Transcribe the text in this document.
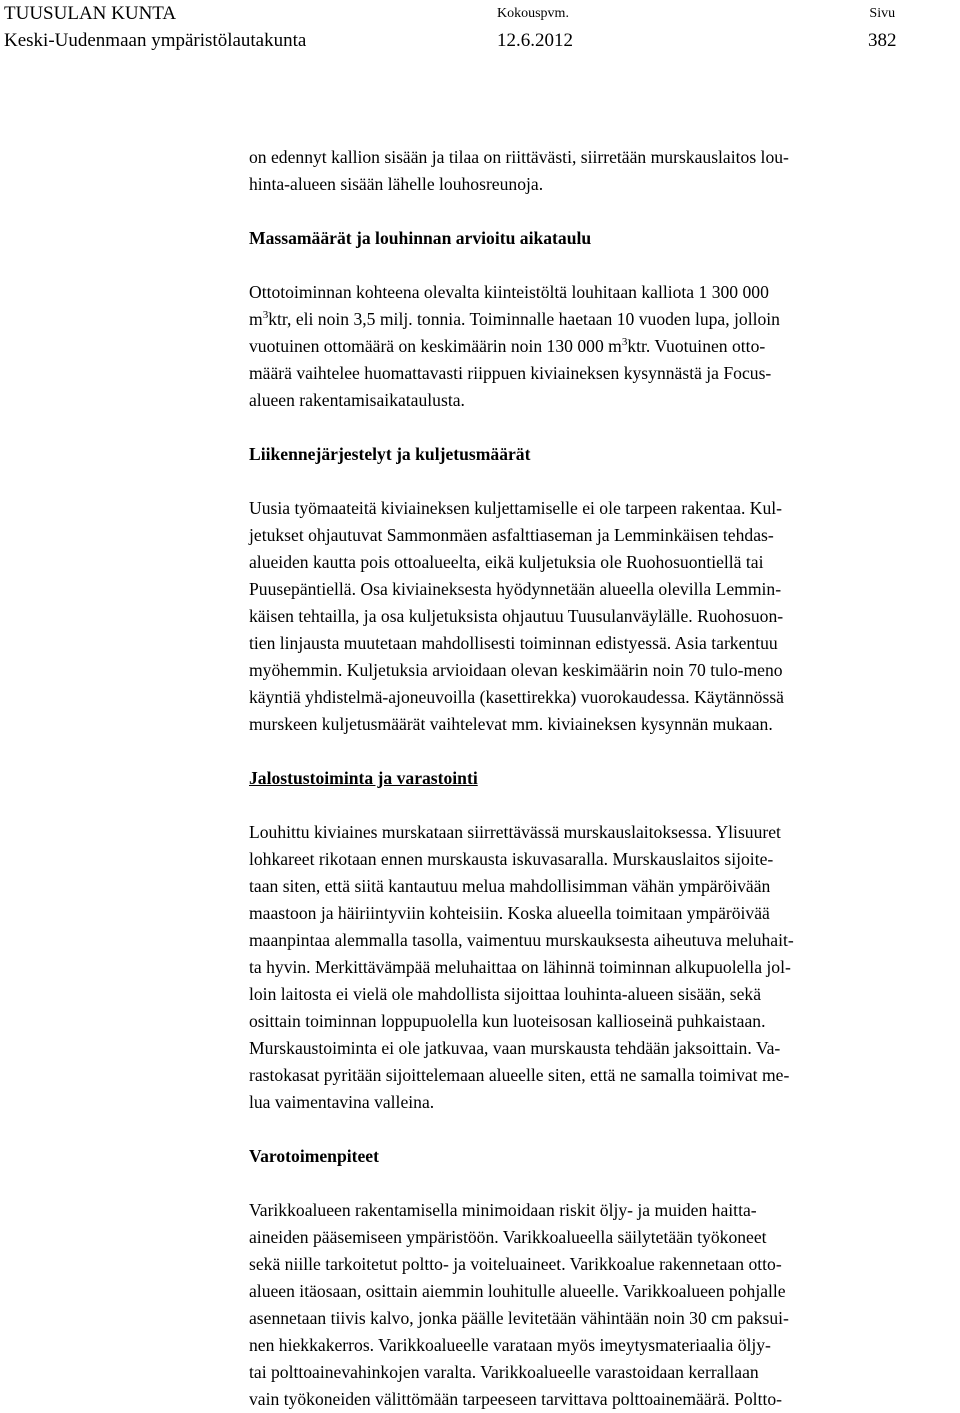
TUUSULAN KUNTA
Keski-Uudenmaan ympäristölautakunta
Kokouspvm.
12.6.2012
Sivu
382

on edennyt kallion sisään ja tilaa on riittävästi, siirretään murskauslaitos lou-
hinta-alueen sisään lähelle louhosreunoja.

Massamäärät ja louhinnan arvioitu aikataulu

Ottotoiminnan kohteena olevalta kiinteistöltä louhitaan kalliota 1 300 000
$m^3ktr$, eli noin 3,5 milj. tonnia. Toiminnalle haetaan 10 vuoden lupa, jolloin
vuotuinen ottomäärä on keskimäärin noin 130 000 $m^3ktr$. Vuotuinen otto-
määrä vaihtelee huomattavasti riippuen kiviaineksen kysynnästä ja Focus-
alueen rakentamisaikataulusta.

Liikennejärjestelyt ja kuljetusmäärät

Uusia työmaateitä kiviaineksen kuljettamiselle ei ole tarpeen rakentaa. Kul-
jetukset ohjautuvat Sammonmäen asfalttiaseman ja Lemminkäisen tehdas-
alueiden kautta pois ottoalueelta, eikä kuljetuksia ole Ruohosuontiellä tai
Puusepäntiellä. Osa kiviaineksesta hyödynnetään alueella olevilla Lemmin-
käisen tehtailla, ja osa kuljetuksista ohjautuu Tuusulanväylälle. Ruohosuon-
tien linjausta muutetaan mahdollisesti toiminnan edistyessä. Asia tarkentuu
myöhemmin. Kuljetuksia arvioidaan olevan keskimäärin noin 70 tulo-meno
käyntiä yhdistelmä-ajoneuvoilla (kasettirekka) vuorokaudessa. Käytännössä
murskeen kuljetusmäärät vaihtelevat mm. kiviaineksen kysynnän mukaan.

Jalostustoiminta ja varastointi

Louhittu kiviaines murskataan siirrettävässä murskauslaitoksessa. Ylisuuret
lohkareet rikotaan ennen murskausta iskuvasaralla. Murskauslaitos sijoite-
taan siten, että siitä kantautuu melua mahdollisimman vähän ympäröivään
maastoon ja häiriintyviin kohteisiin. Koska alueella toimitaan ympäröivää
maanpintaa alemmalla tasolla, vaimentuu murskauksesta aiheutuva meluhait-
ta hyvin. Merkittävämpää meluhaittaa on lähinnä toiminnan alkupuolella jol-
loin laitosta ei vielä ole mahdollista sijoittaa louhinta-alueen sisään, sekä
osittain toiminnan loppupuolella kun luoteisosan kallioseinä puhkaistaan.
Murskaustoiminta ei ole jatkuvaa, vaan murskausta tehdään jaksoittain. Va-
rastokasat pyritään sijoittelemaan alueelle siten, että ne samalla toimivat me-
lua vaimentavina valleina.

Varotoimenpiteet

Varikkoalueen rakentamisella minimoidaan riskit öljy- ja muiden haitta-
aineiden pääsemiseen ympäristöön. Varikkoalueella säilytetään työkoneet
sekä niille tarkoitetut poltto- ja voiteluaineet. Varikkoalue rakennetaan otto-
alueen itäosaan, osittain aiemmin louhitulle alueelle. Varikkoalueen pohjalle
asennetaan tiivis kalvo, jonka päälle levitetään vähintään noin 30 cm paksui-
nen hiekkakerros. Varikkoalueelle varataan myös imeytysmateriaalia öljy-
tai polttoainevahinkojen varalta. Varikkoalueelle varastoidaan kerrallaan
vain työkoneiden välittömään tarpeeseen tarvittava polttoainemäärä. Poltto-
